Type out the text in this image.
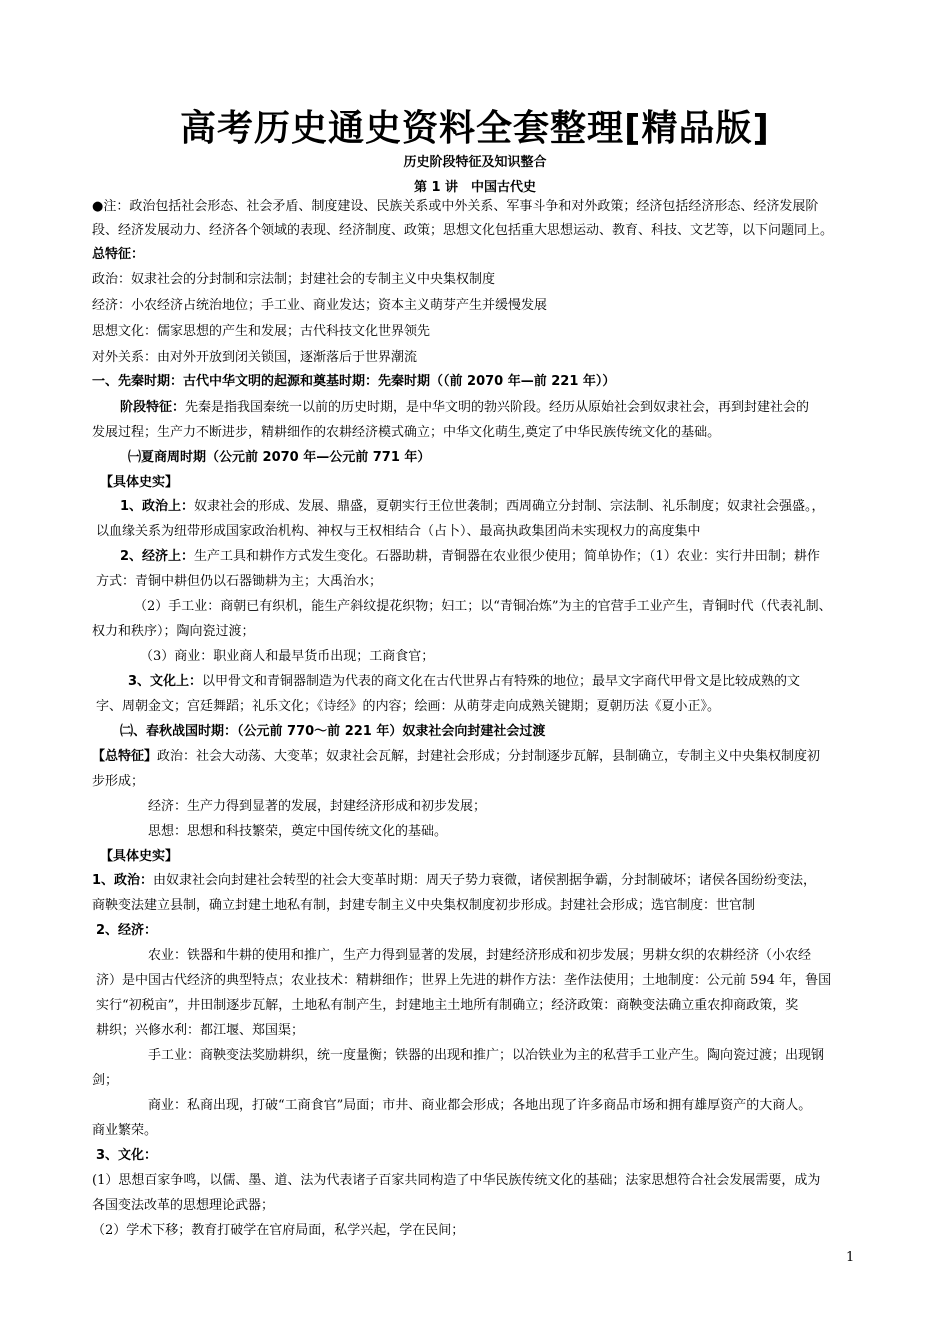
高考历史通史资料全套整理[精品版]
历史阶段特征及知识整合
第 1 讲　中国古代史
●注：政治包括社会形态、社会矛盾、制度建设、民族关系或中外关系、军事斗争和对外政策；经济包括经济形态、经济发展阶
段、经济发展动力、经济各个领域的表现、经济制度、政策；思想文化包括重大思想运动、教育、科技、文艺等，以下问题同上。
总特征：
政治：奴隶社会的分封制和宗法制；封建社会的专制主义中央集权制度
经济：小农经济占统治地位；手工业、商业发达；资本主义萌芽产生并缓慢发展
思想文化：儒家思想的产生和发展；古代科技文化世界领先
对外关系：由对外开放到闭关锁国，逐渐落后于世界潮流
一、先秦时期：古代中华文明的起源和奠基时期：先秦时期（（前 2070 年—前 221 年））
阶段特征：先秦是指我国秦统一以前的历史时期，是中华文明的勃兴阶段。经历从原始社会到奴隶社会，再到封建社会的
发展过程；生产力不断进步，精耕细作的农耕经济模式确立；中华文化萌生,奠定了中华民族传统文化的基础。
㈠夏商周时期（公元前 2070 年—公元前 771 年）
【具体史实】
1、政治上：奴隶社会的形成、发展、鼎盛，夏朝实行王位世袭制；西周确立分封制、宗法制、礼乐制度；奴隶社会强盛。，
以血缘关系为纽带形成国家政治机构、神权与王权相结合（占卜）、最高执政集团尚未实现权力的高度集中
2、经济上：生产工具和耕作方式发生变化。石器助耕，青铜器在农业很少使用；简单协作；（1）农业：实行井田制；耕作
方式：青铜中耕但仍以石器锄耕为主；大禹治水；
（2）手工业：商朝已有织机，能生产斜纹提花织物；妇工；以“青铜冶炼”为主的官营手工业产生，青铜时代（代表礼制、
权力和秩序）；陶向瓷过渡；
（3）商业：职业商人和最早货币出现；工商食官；
3、文化上：以甲骨文和青铜器制造为代表的商文化在古代世界占有特殊的地位；最早文字商代甲骨文是比较成熟的文
字、周朝金文；宫廷舞蹈；礼乐文化；《诗经》的内容；绘画：从萌芽走向成熟关键期；夏朝历法《夏小正》。
㈡、春秋战国时期：（公元前 770～前 221 年）奴隶社会向封建社会过渡
【总特征】政治：社会大动荡、大变革；奴隶社会瓦解，封建社会形成；分封制逐步瓦解，县制确立，专制主义中央集权制度初
步形成；
经济：生产力得到显著的发展，封建经济形成和初步发展；
思想：思想和科技繁荣，奠定中国传统文化的基础。
【具体史实】
1、政治：由奴隶社会向封建社会转型的社会大变革时期：周天子势力衰微，诸侯割据争霸，分封制破坏；诸侯各国纷纷变法，
商鞅变法建立县制，确立封建土地私有制，封建专制主义中央集权制度初步形成。封建社会形成；选官制度：世官制
2、经济：
农业：铁器和牛耕的使用和推广，生产力得到显著的发展，封建经济形成和初步发展；男耕女织的农耕经济（小农经
济）是中国古代经济的典型特点；农业技术：精耕细作；世界上先进的耕作方法：垄作法使用；土地制度：公元前 594 年，鲁国
实行“初税亩”，井田制逐步瓦解，土地私有制产生，封建地主土地所有制确立；经济政策：商鞅变法确立重农抑商政策，奖
耕织；兴修水利：都江堰、郑国渠；
手工业：商鞅变法奖励耕织，统一度量衡；铁器的出现和推广；以冶铁业为主的私营手工业产生。陶向瓷过渡；出现钢
剑；
商业：私商出现，打破“工商食官”局面；市井、商业都会形成；各地出现了许多商品市场和拥有雄厚资产的大商人。
商业繁荣。
3、文化：
(1）思想百家争鸣，以儒、墨、道、法为代表诸子百家共同构造了中华民族传统文化的基础；法家思想符合社会发展需要，成为
各国变法改革的思想理论武器；
（2）学术下移；教育打破学在官府局面，私学兴起，学在民间；
1
